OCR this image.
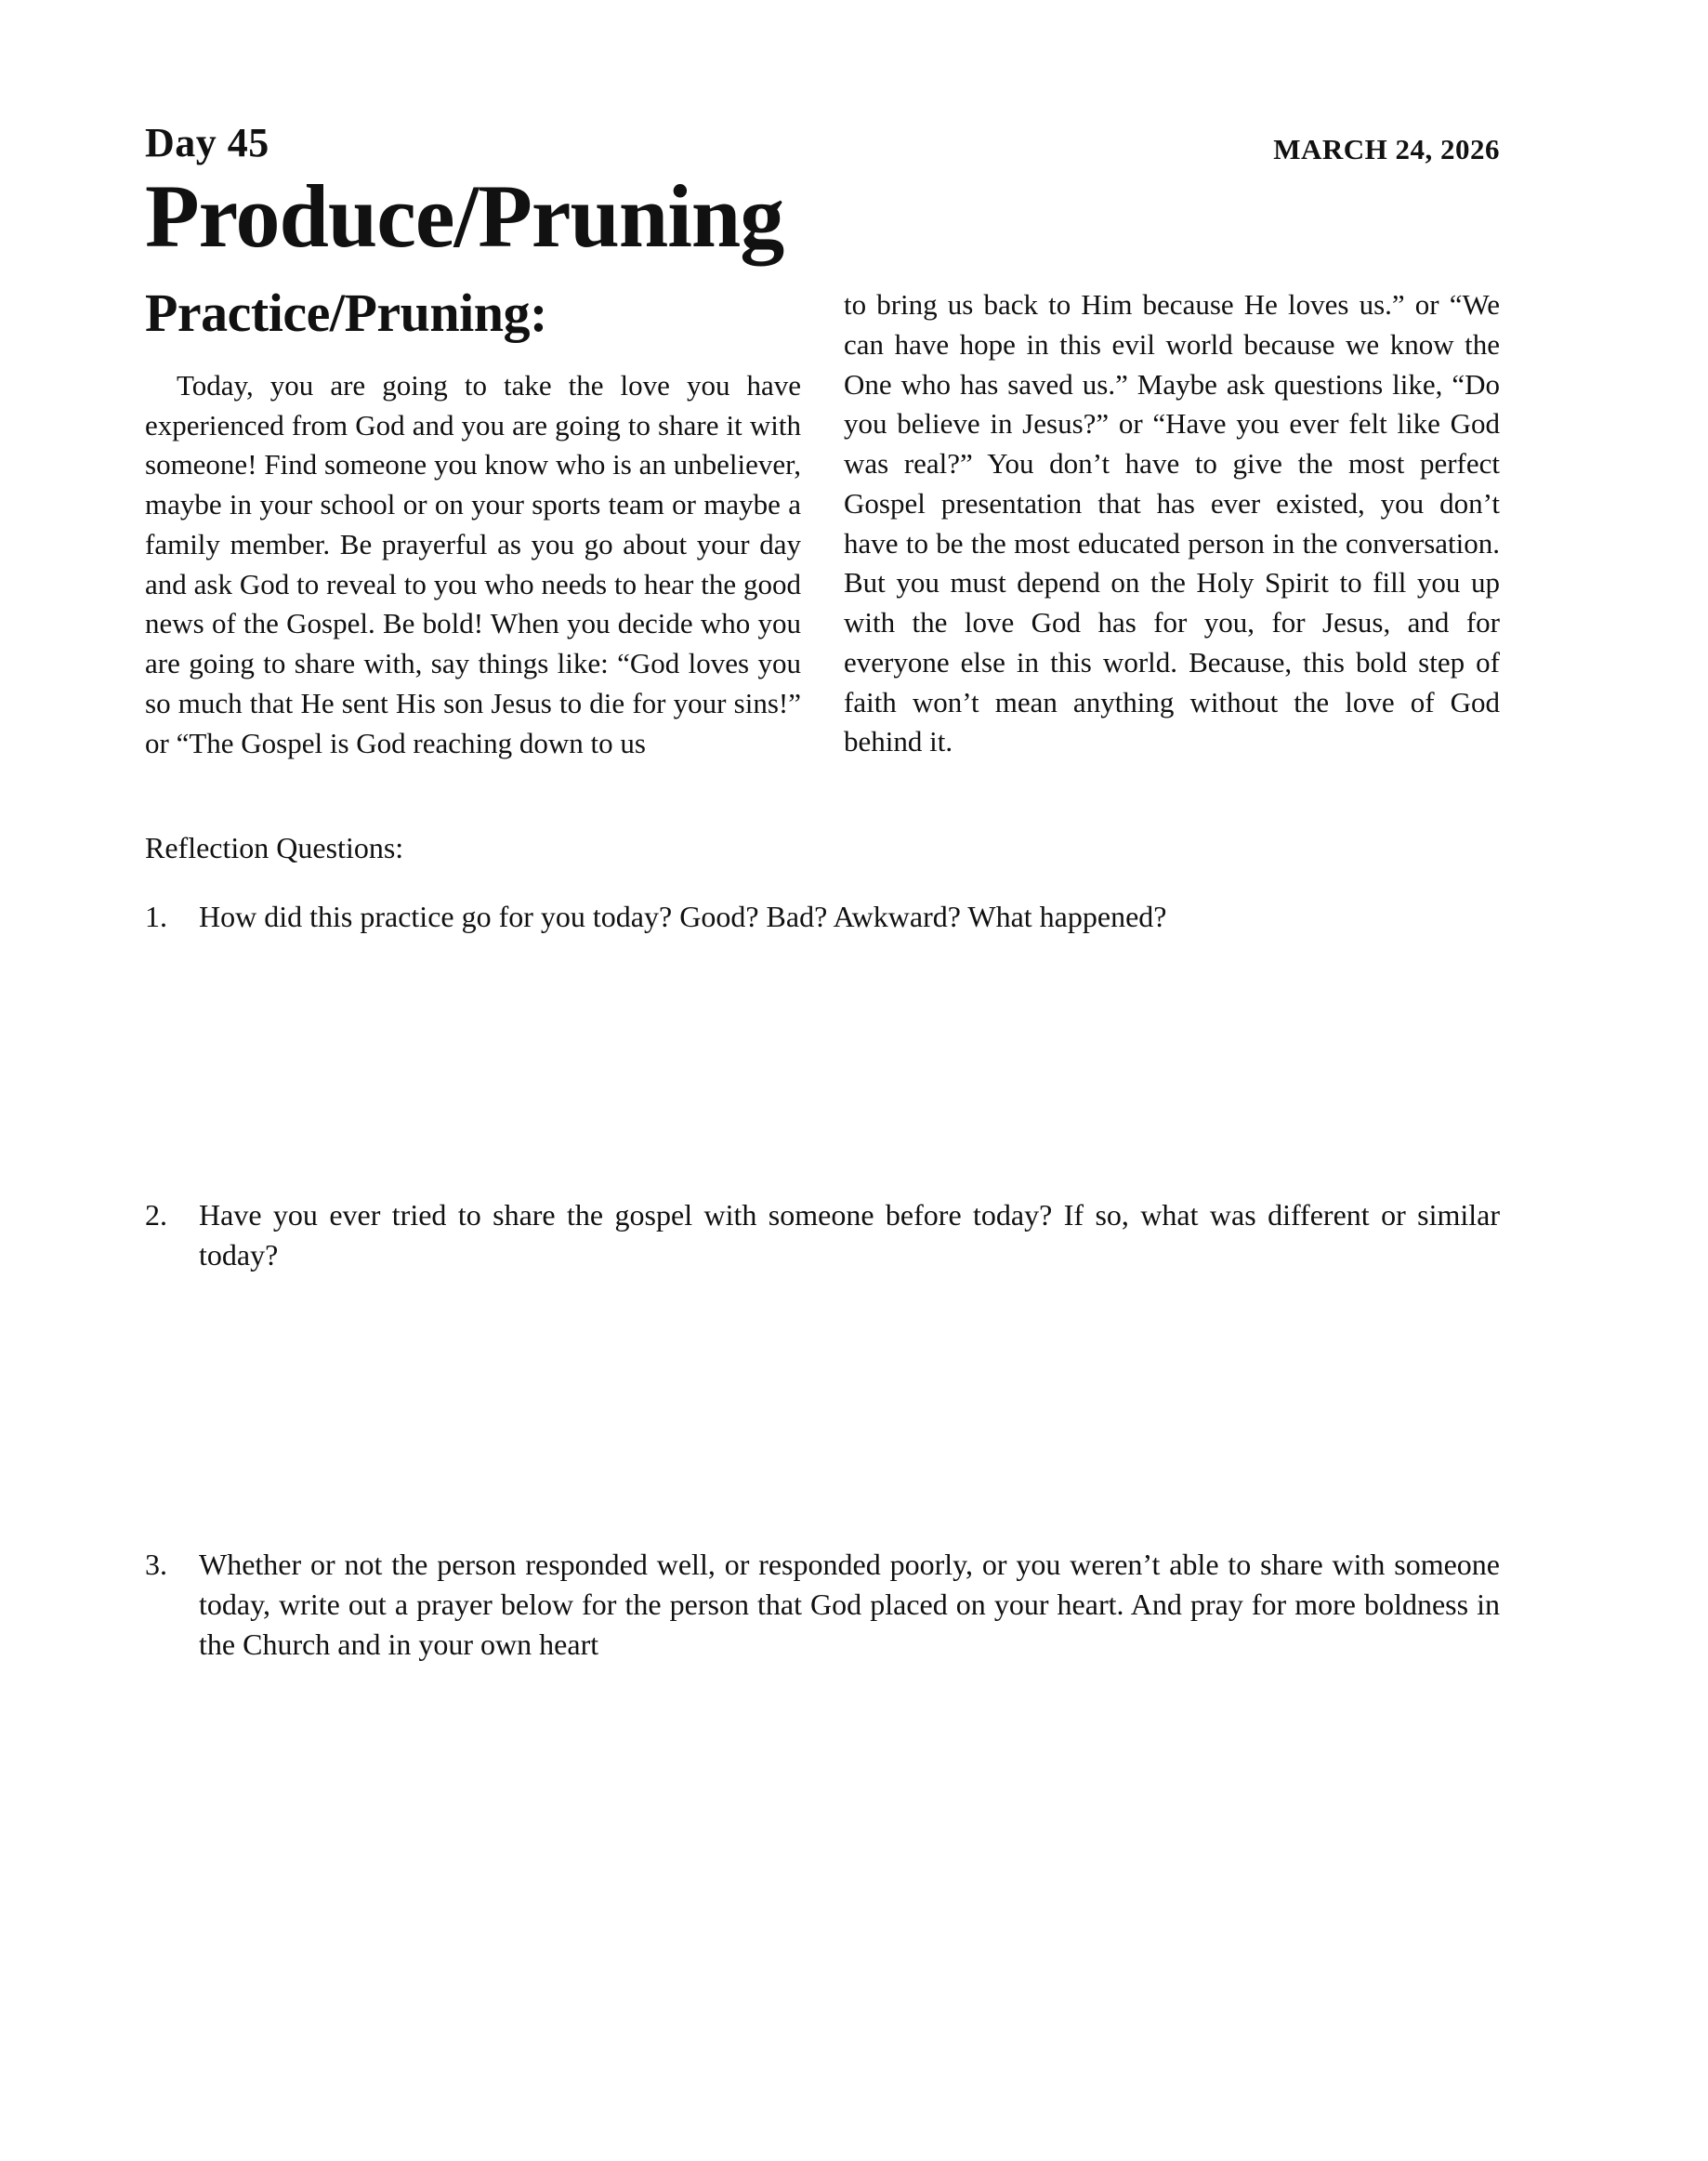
Day 45	MARCH 24, 2026
Produce/Pruning
Practice/Pruning:

Today, you are going to take the love you have experienced from God and you are going to share it with someone! Find someone you know who is an unbeliever, maybe in your school or on your sports team or maybe a family member. Be prayerful as you go about your day and ask God to reveal to you who needs to hear the good news of the Gospel. Be bold! When you decide who you are going to share with, say things like: “God loves you so much that He sent His son Jesus to die for your sins!” or “The Gospel is God reaching down to us

to bring us back to Him because He loves us.” or “We can have hope in this evil world because we know the One who has saved us.” Maybe ask questions like, “Do you believe in Jesus?” or “Have you ever felt like God was real?” You don’t have to give the most perfect Gospel presentation that has ever existed, you don’t have to be the most educated person in the conversation. But you must depend on the Holy Spirit to fill you up with the love God has for you, for Jesus, and for everyone else in this world. Because, this bold step of faith won’t mean anything without the love of God behind it.

Reflection Questions:
1.	How did this practice go for you today? Good? Bad? Awkward? What happened?
2.	Have you ever tried to share the gospel with someone before today? If so, what was different or similar today?
3.	Whether or not the person responded well, or responded poorly, or you weren’t able to share with someone today, write out a prayer below for the person that God placed on your heart. And pray for more boldness in the Church and in your own heart
